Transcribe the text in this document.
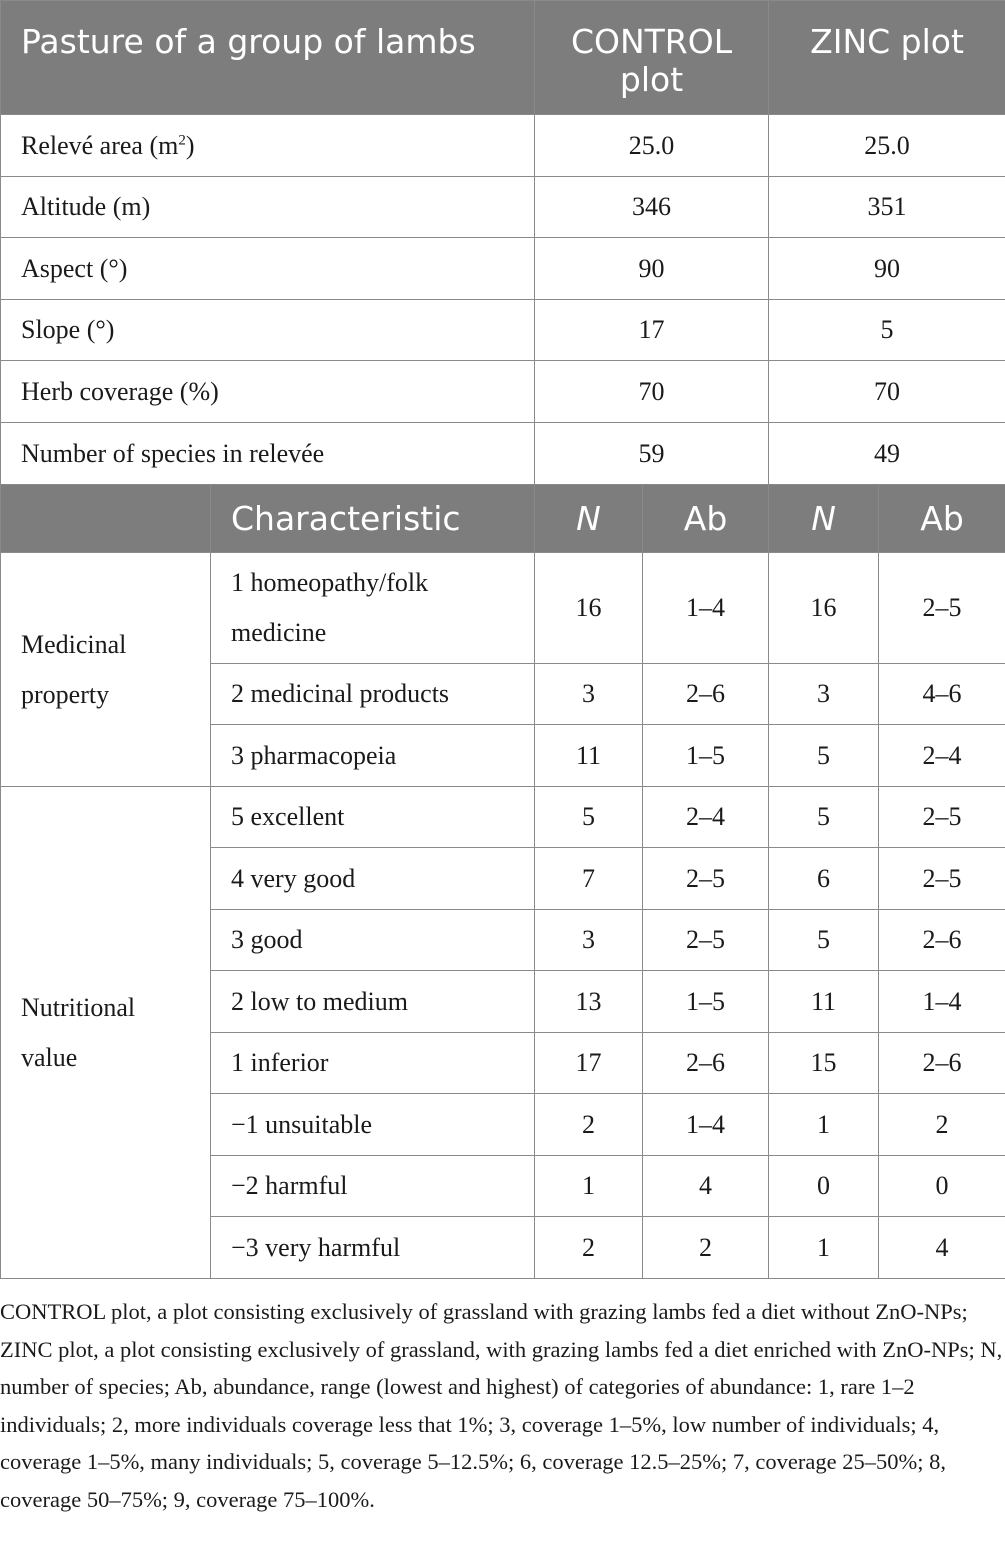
Pasture of a group of lambs		CONTROL plot		ZINC plot	
Relevé area $(m^2)$		25.0		25.0	
Altitude (m)		346		351	
Aspect (°)		90		90	
Slope (°)		17		5	
Herb coverage (%)		70		70	
Number of species in relevée		59		49	
	Characteristic	N	Ab	N	Ab
Medicinal property	1 homeopathy/folk medicine	16	1–4	16	2–5
	2 medicinal products	3	2–6	3	4–6
	3 pharmacopeia	11	1–5	5	2–4
Nutritional value	5 excellent	5	2–4	5	2–5
	4 very good	7	2–5	6	2–5
	3 good	3	2–5	5	2–6
	2 low to medium	13	1–5	11	1–4
	1 inferior	17	2–6	15	2–6
	−1 unsuitable	2	1–4	1	2
	−2 harmful	1	4	0	0
	−3 very harmful	2	2	1	4

CONTROL plot, a plot consisting exclusively of grassland with grazing lambs fed a diet without ZnO-NPs; ZINC plot, a plot consisting exclusively of grassland, with grazing lambs fed a diet enriched with ZnO-NPs; N, number of species; Ab, abundance, range (lowest and highest) of categories of abundance: 1, rare 1–2 individuals; 2, more individuals coverage less that 1%; 3, coverage 1–5%, low number of individuals; 4, coverage 1–5%, many individuals; 5, coverage 5–12.5%; 6, coverage 12.5–25%; 7, coverage 25–50%; 8, coverage 50–75%; 9, coverage 75–100%.
